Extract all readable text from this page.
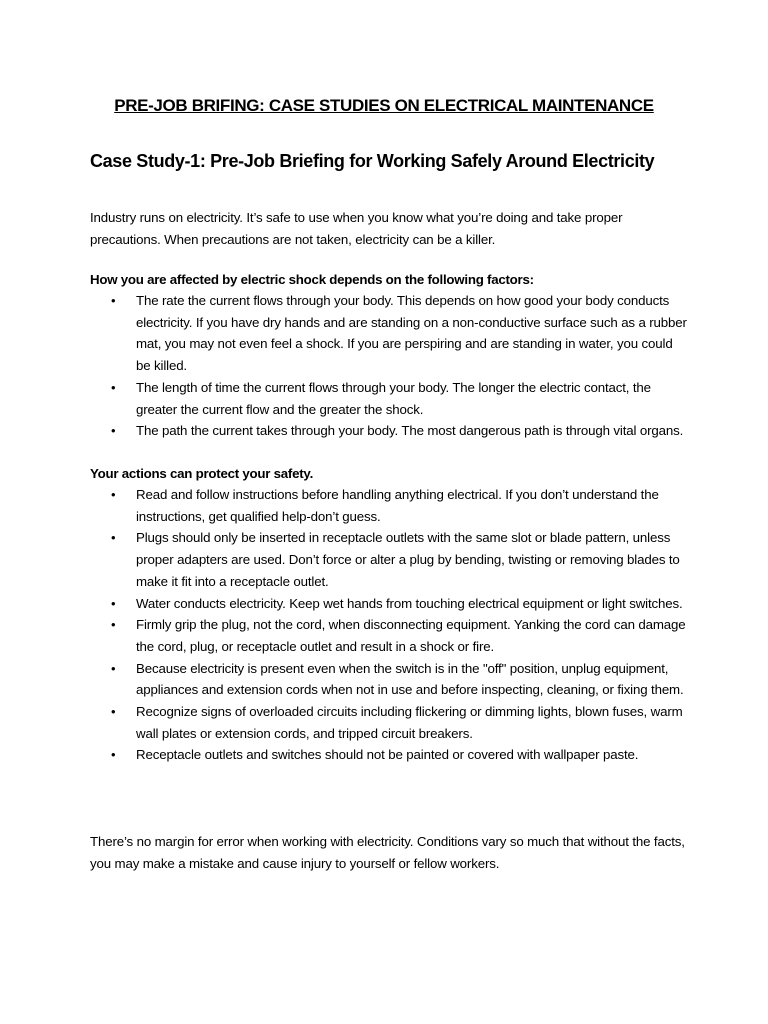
PRE-JOB BRIFING: CASE STUDIES ON ELECTRICAL MAINTENANCE
Case Study-1: Pre-Job Briefing for Working Safely Around Electricity

Industry runs on electricity. It’s safe to use when you know what you’re doing and take proper precautions. When precautions are not taken, electricity can be a killer.

How you are affected by electric shock depends on the following factors:

• The rate the current flows through your body. This depends on how good your body conducts electricity. If you have dry hands and are standing on a non-conductive surface such as a rubber mat, you may not even feel a shock. If you are perspiring and are standing in water, you could be killed.
• The length of time the current flows through your body. The longer the electric contact, the greater the current flow and the greater the shock.
• The path the current takes through your body. The most dangerous path is through vital organs.

Your actions can protect your safety.

• Read and follow instructions before handling anything electrical. If you don’t understand the instructions, get qualified help-don’t guess.
• Plugs should only be inserted in receptacle outlets with the same slot or blade pattern, unless proper adapters are used. Don’t force or alter a plug by bending, twisting or removing blades to make it fit into a receptacle outlet.
• Water conducts electricity. Keep wet hands from touching electrical equipment or light switches.
• Firmly grip the plug, not the cord, when disconnecting equipment. Yanking the cord can damage the cord, plug, or receptacle outlet and result in a shock or fire.
• Because electricity is present even when the switch is in the "off" position, unplug equipment, appliances and extension cords when not in use and before inspecting, cleaning, or fixing them.
• Recognize signs of overloaded circuits including flickering or dimming lights, blown fuses, warm wall plates or extension cords, and tripped circuit breakers.
• Receptacle outlets and switches should not be painted or covered with wallpaper paste.

There’s no margin for error when working with electricity. Conditions vary so much that without the facts, you may make a mistake and cause injury to yourself or fellow workers.
